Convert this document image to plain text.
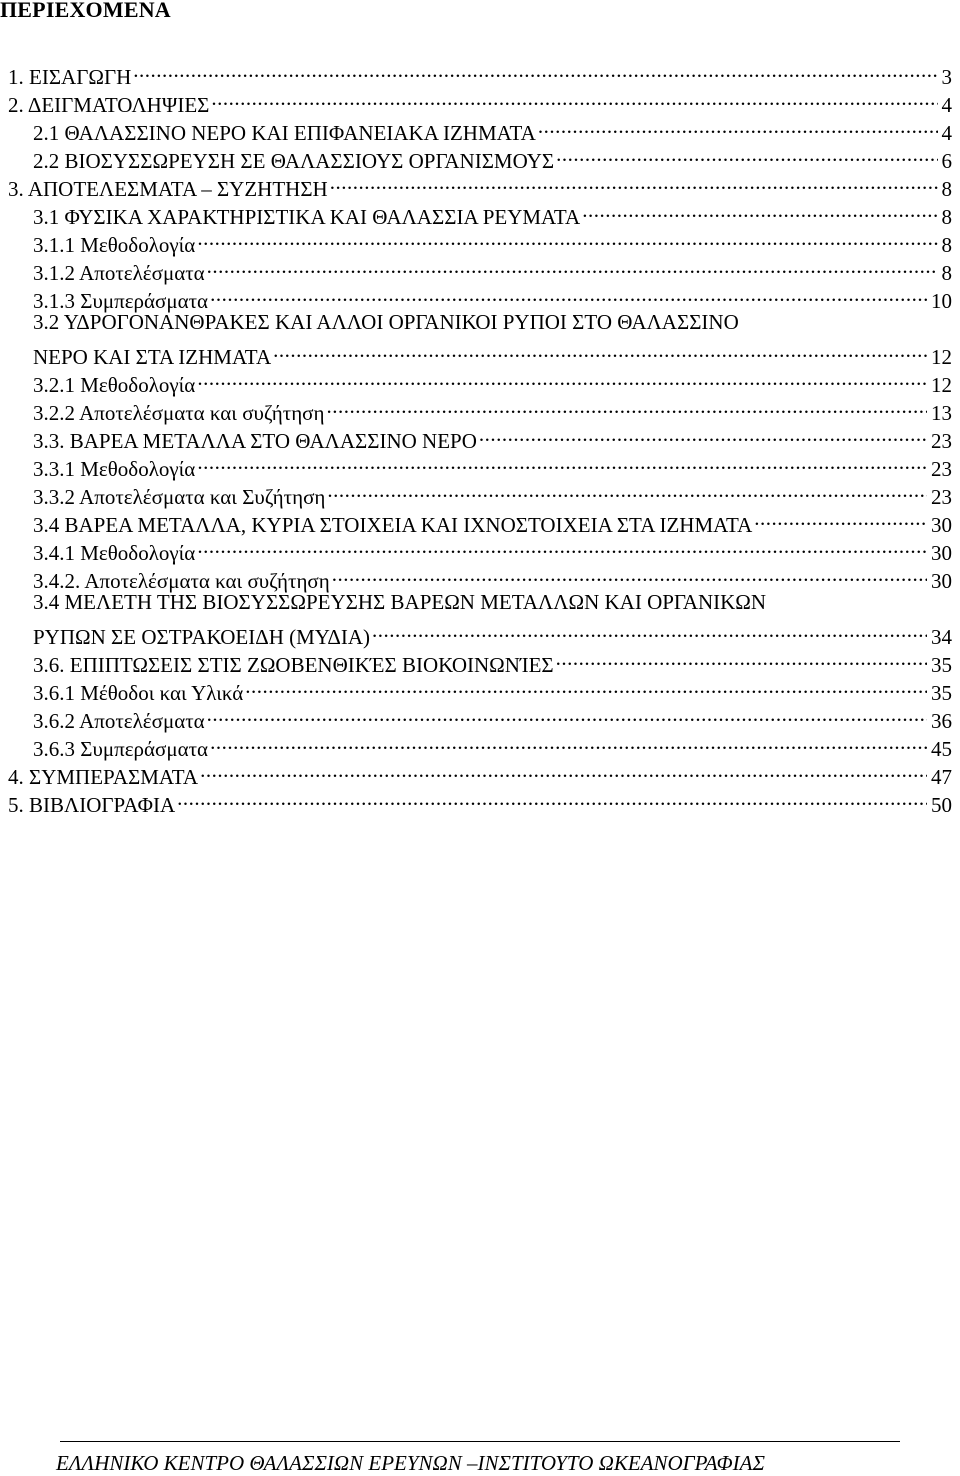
ΠΕΡΙΕΧΟΜΕΝΑ
1. ΕΙΣΑΓΩΓΗ .....	3
2. ΔΕΙΓΜΑΤΟΛΗΨΙΕΣ .....	4
2.1 ΘΑΛΑΣΣΙΝΟ ΝΕΡΟ ΚΑΙ ΕΠΙΦΑΝΕΙΑΚΑ ΙΖΗΜΑΤΑ .....	4
2.2 ΒΙΟΣΥΣΣΩΡΕΥΣΗ ΣΕ ΘΑΛΑΣΣΙΟΥΣ ΟΡΓΑΝΙΣΜΟΥΣ .....	6
3. ΑΠΟΤΕΛΕΣΜΑΤΑ – ΣΥΖΗΤΗΣΗ .....	8
3.1 ΦΥΣΙΚΑ ΧΑΡΑΚΤΗΡΙΣΤΙΚΑ ΚΑΙ ΘΑΛΑΣΣΙΑ ΡΕΥΜΑΤΑ .....	8
3.1.1 Μεθοδολογία .....	8
3.1.2 Αποτελέσματα .....	8
3.1.3 Συμπεράσματα .....	10
3.2 ΥΔΡΟΓΟΝΑΝΘΡΑΚΕΣ ΚΑΙ ΑΛΛΟΙ ΟΡΓΑΝΙΚΟΙ ΡΥΠΟΙ ΣΤΟ ΘΑΛΑΣΣΙΝΟ
ΝΕΡΟ ΚΑΙ ΣΤΑ ΙΖΗΜΑΤΑ .....	12
3.2.1 Μεθοδολογία .....	12
3.2.2 Αποτελέσματα και συζήτηση .....	13
3.3. ΒΑΡΕΑ ΜΕΤΑΛΛΑ ΣΤΟ ΘΑΛΑΣΣΙΝΟ ΝΕΡΟ .....	23
3.3.1 Μεθοδολογία .....	23
3.3.2 Αποτελέσματα και Συζήτηση .....	23
3.4 ΒΑΡΕΑ ΜΕΤΑΛΛΑ, ΚΥΡΙΑ ΣΤΟΙΧΕΙΑ ΚΑΙ ΙΧΝΟΣΤΟΙΧΕΙΑ ΣΤΑ ΙΖΗΜΑΤΑ .....	30
3.4.1 Μεθοδολογία .....	30
3.4.2. Αποτελέσματα και συζήτηση .....	30
3.4 ΜΕΛΕΤΗ ΤΗΣ ΒΙΟΣΥΣΣΩΡΕΥΣΗΣ ΒΑΡΕΩΝ ΜΕΤΑΛΛΩΝ ΚΑΙ ΟΡΓΑΝΙΚΩΝ
ΡΥΠΩΝ ΣΕ ΟΣΤΡΑΚΟΕΙΔΗ (ΜΥΔΙΑ) .....	34
3.6. ΕΠΙΠΤΩΣΕΙΣ ΣΤΙΣ ΖΩΟΒΕΝΘΙΚΈΣ ΒΙΟΚΟΙΝΩΝΊΕΣ .....	35
3.6.1 Μέθοδοι και Υλικά .....	35
3.6.2 Αποτελέσματα .....	36
3.6.3 Συμπεράσματα .....	45
4. ΣΥΜΠΕΡΑΣΜΑΤΑ .....	47
5. ΒΙΒΛΙΟΓΡΑΦΙΑ .....	50
ΕΛΛΗΝΙΚΟ ΚΕΝΤΡΟ ΘΑΛΑΣΣΙΩΝ ΕΡΕΥΝΩΝ –ΙΝΣΤΙΤΟΥΤΟ ΩΚΕΑΝΟΓΡΑΦΙΑΣ
